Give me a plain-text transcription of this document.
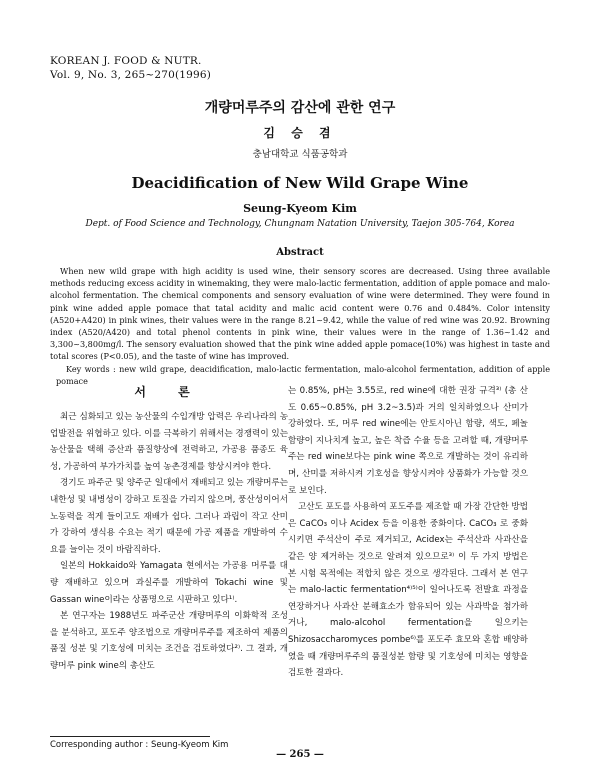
KOREAN J. FOOD & NUTR.
Vol. 9, No. 3, 265~270(1996)
개량머루주의 감산에 관한 연구
김 승 겸
충남대학교 식품공학과
Deacidification of New Wild Grape Wine
Seung-Kyeom Kim
Dept. of Food Science and Technology, Chungnam Natation University, Taejon 305-764, Korea
Abstract

When new wild grape with high acidity is used wine, their sensory scores are decreased. Using three available methods reducing excess acidity in winemaking, they were malo-lactic fermentation, addition of apple pomace and malo-alcohol fermentation. The chemical components and sensory evaluation of wine were determined. They were found in pink wine added apple pomace that tatal acidity and malic acid content were 0.76 and 0.484%. Color intensity (A520+A420) in pink wines, their values were in the range 8.21~9.42, while the value of red wine was 20.92. Browning index (A520/A420) and total phenol contents in pink wine, their values were in the range of 1.36~1.42 and 3,300~3,800mg/l. The sensory evaluation showed that the pink wine added apple pomace(10%) was highest in taste and total scores (P<0.05), and the taste of wine has improved.

Key words : new wild grape, deacidification, malo-lactic fermentation, malo-alcohol fermentation, addition of apple pomace

서 론

최근 심화되고 있는 농산물의 수입개방 압력은 우리나라의 농업발전을 위협하고 있다. 이를 극복하기 위해서는 경쟁력이 있는 농산물을 택해 증산과 품질향상에 전력하고, 가공용 품종도 육성, 가공하여 부가가치를 높여 농촌경제를 향상시켜야 한다.

경기도 파주군 및 양주군 일대에서 재배되고 있는 개량머루는 내한성 및 내병성이 강하고 토질을 가리지 않으며, 풍산성이어서 노동력을 적게 들이고도 재배가 쉽다. 그러나 과립이 작고 산미가 강하여 생식용 수요는 적기 때문에 가공 제품을 개발하여 수요를 늘이는 것이 바람직하다.

일본의 Hokkaido와 Yamagata 현에서는 가공용 머루를 대량 재배하고 있으며 과실주를 개발하여 Tokachi wine 및 Gassan wine이라는 상품명으로 시판하고 있다¹⁾.

본 연구자는 1988년도 파주군산 개량머루의 이화학적 조성을 분석하고, 포도주 양조법으로 개량머루주를 제조하여 제품의 품질 성분 및 기호성에 미치는 조건을 검토하였다²⁾. 그 결과, 개량머루 pink wine의 총산도

는 0.85%, pH는 3.55로, red wine에 대한 권장 규격³⁾ (총 산도 0.65~0.85%, pH 3.2~3.5)과 거의 일치하였으나 산미가 강하였다. 또, 머루 red wine에는 안토시아닌 함량, 색도, 페놀 함량이 지나치게 높고, 높은 착즙 수율 등을 고려할 때, 개량머루주는 red wine보다는 pink wine 쪽으로 개발하는 것이 유리하며, 산미를 저하시켜 기호성을 향상시켜야 상품화가 가능할 것으로 보인다.

고산도 포도를 사용하여 포도주를 제조할 때 가장 간단한 방법은 CaCO₃ 이나 Acidex 등을 이용한 중화이다. CaCO₃ 로 중화시키면 주석산이 주로 제거되고, Acidex는 주석산과 사과산을 같은 양 제거하는 것으로 알려져 있으므로³⁾ 이 두 가지 방법은 본 시험 목적에는 적합치 않은 것으로 생각된다. 그래서 본 연구는 malo-lactic fermentation⁴⁾⁵⁾이 일어나도록 전발효 과정을 연장하거나 사과산 분해효소가 함유되어 있는 사과박을 첨가하거나, malo-alcohol fermentation을 일으키는 Shizosaccharomyces pombe⁶⁾를 포도주 효모와 혼합 배양하였을 때 개량머루주의 품질성분 함량 및 기호성에 미치는 영향을 검토한 결과다.

Corresponding author : Seung-Kyeom Kim
— 265 —
